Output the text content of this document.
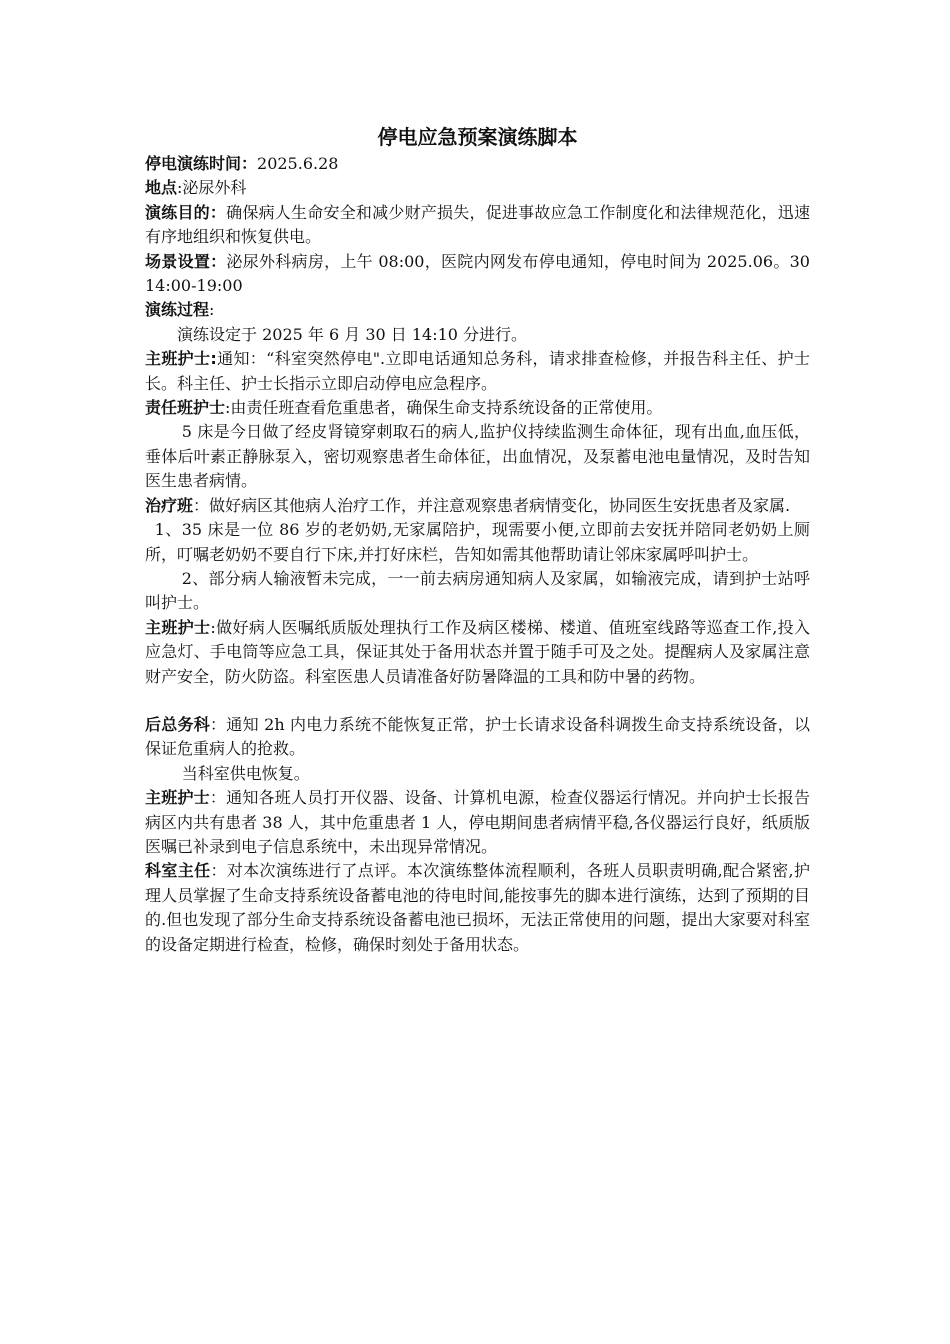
停电应急预案演练脚本

停电演练时间：2025.6.28

地点:泌尿外科

演练目的：确保病人生命安全和减少财产损失，促进事故应急工作制度化和法律规范化，迅速有序地组织和恢复供电。

场景设置：泌尿外科病房，上午 08:00，医院内网发布停电通知，停电时间为 2025.06。30 14:00-19:00

演练过程:

演练设定于 2025 年 6 月 30 日 14:10 分进行。

主班护士:通知：“科室突然停电".立即电话通知总务科，请求排查检修，并报告科主任、护士长。科主任、护士长指示立即启动停电应急程序。

责任班护士:由责任班查看危重患者，确保生命支持系统设备的正常使用。

5 床是今日做了经皮肾镜穿刺取石的病人,监护仪持续监测生命体征，现有出血,血压低，垂体后叶素正静脉泵入，密切观察患者生命体征，出血情况，及泵蓄电池电量情况，及时告知医生患者病情。

治疗班：做好病区其他病人治疗工作，并注意观察患者病情变化，协同医生安抚患者及家属.

1、35 床是一位 86 岁的老奶奶,无家属陪护，现需要小便,立即前去安抚并陪同老奶奶上厕所，叮嘱老奶奶不要自行下床,并打好床栏，告知如需其他帮助请让邻床家属呼叫护士。

2、部分病人输液暂未完成，一一前去病房通知病人及家属，如输液完成，请到护士站呼叫护士。

主班护士:做好病人医嘱纸质版处理执行工作及病区楼梯、楼道、值班室线路等巡查工作,投入应急灯、手电筒等应急工具，保证其处于备用状态并置于随手可及之处。提醒病人及家属注意财产安全，防火防盗。科室医患人员请准备好防暑降温的工具和防中暑的药物。

后总务科：通知 2h 内电力系统不能恢复正常，护士长请求设备科调拨生命支持系统设备，以保证危重病人的抢救。

当科室供电恢复。

主班护士：通知各班人员打开仪器、设备、计算机电源，检查仪器运行情况。并向护士长报告病区内共有患者 38 人，其中危重患者 1 人，停电期间患者病情平稳,各仪器运行良好，纸质版医嘱已补录到电子信息系统中，未出现异常情况。

科室主任：对本次演练进行了点评。本次演练整体流程顺利，各班人员职责明确,配合紧密,护理人员掌握了生命支持系统设备蓄电池的待电时间,能按事先的脚本进行演练，达到了预期的目的.但也发现了部分生命支持系统设备蓄电池已损坏，无法正常使用的问题，提出大家要对科室的设备定期进行检查，检修，确保时刻处于备用状态。
